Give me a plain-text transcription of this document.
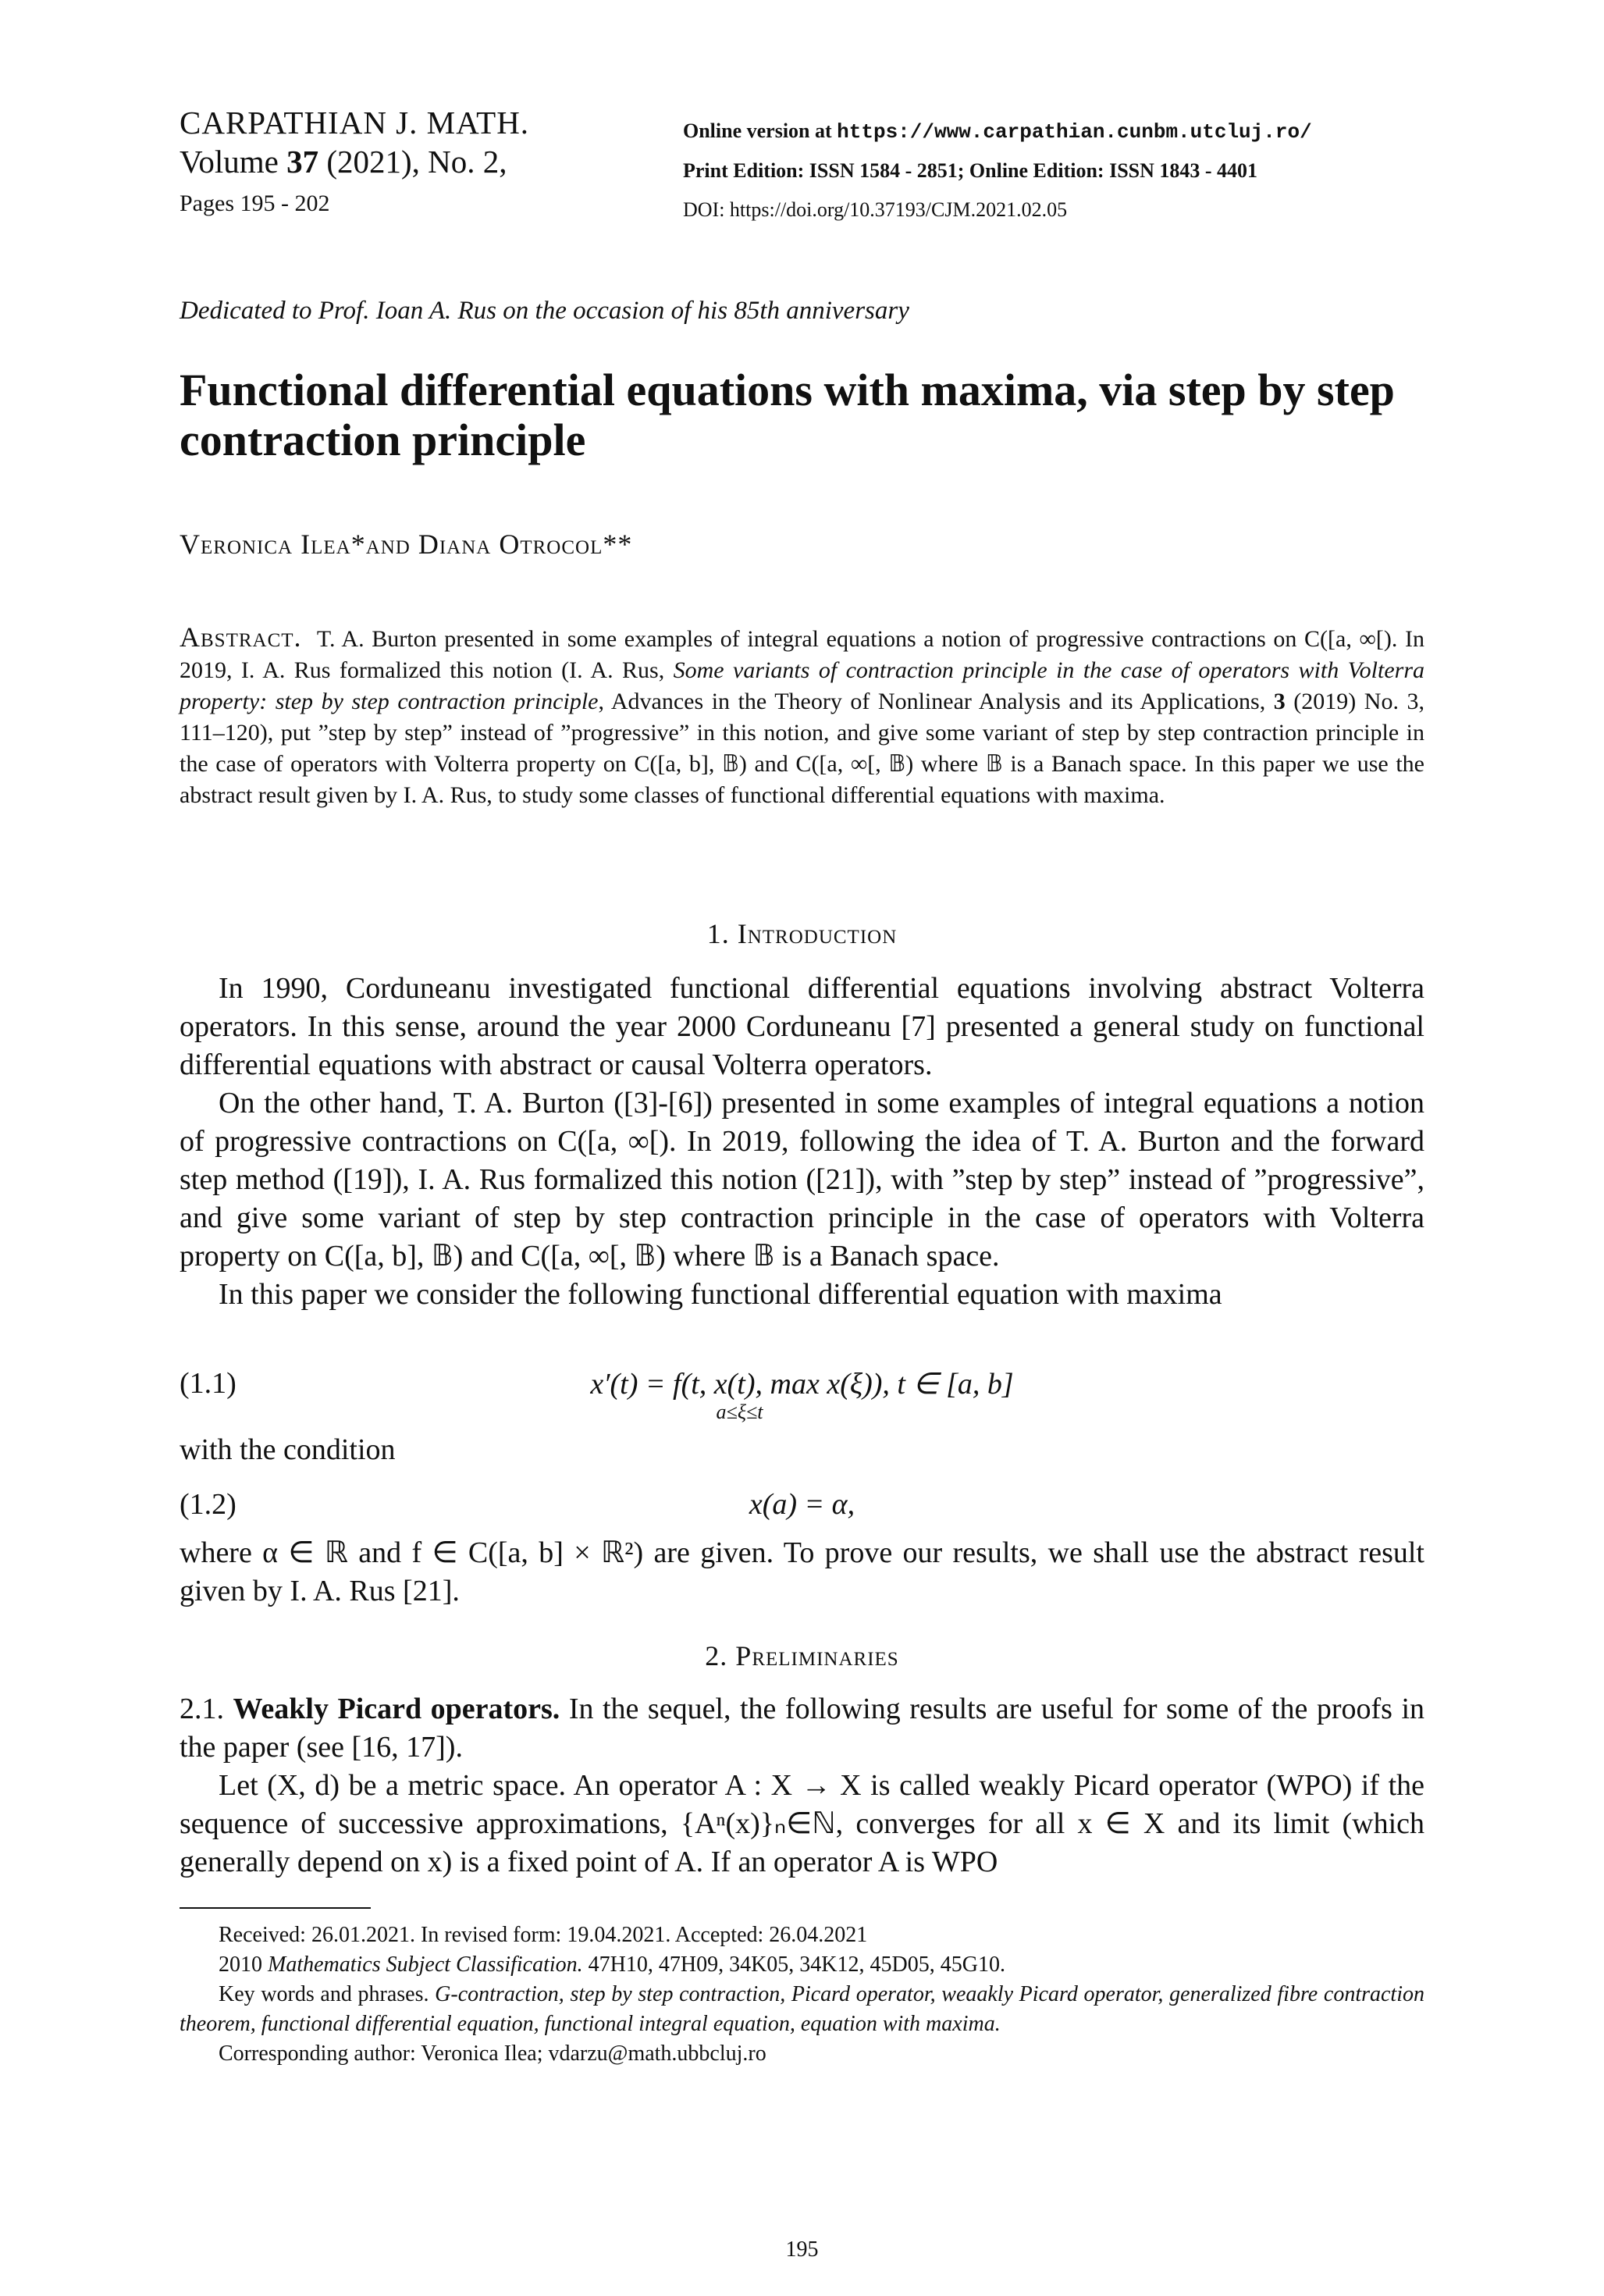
CARPATHIAN J. MATH.
Volume 37 (2021), No. 2,
Pages 195 - 202
Online version at https://www.carpathian.cunbm.utcluj.ro/
Print Edition: ISSN 1584 - 2851; Online Edition: ISSN 1843 - 4401
DOI: https://doi.org/10.37193/CJM.2021.02.05
Dedicated to Prof. Ioan A. Rus on the occasion of his 85th anniversary
Functional differential equations with maxima, via step by step contraction principle
Veronica Ilea*and Diana Otrocol**
Abstract. T. A. Burton presented in some examples of integral equations a notion of progressive contractions on C([a, ∞[). In 2019, I. A. Rus formalized this notion (I. A. Rus, Some variants of contraction principle in the case of operators with Volterra property: step by step contraction principle, Advances in the Theory of Nonlinear Analysis and its Applications, 3 (2019) No. 3, 111–120), put ”step by step” instead of ”progressive” in this notion, and give some variant of step by step contraction principle in the case of operators with Volterra property on C([a, b], 𝔹) and C([a, ∞[, 𝔹) where 𝔹 is a Banach space. In this paper we use the abstract result given by I. A. Rus, to study some classes of functional differential equations with maxima.
1. Introduction

In 1990, Corduneanu investigated functional differential equations involving abstract Volterra operators. In this sense, around the year 2000 Corduneanu [7] presented a general study on functional differential equations with abstract or causal Volterra operators.

On the other hand, T. A. Burton ([3]-[6]) presented in some examples of integral equations a notion of progressive contractions on C([a, ∞[). In 2019, following the idea of T. A. Burton and the forward step method ([19]), I. A. Rus formalized this notion ([21]), with ”step by step” instead of ”progressive”, and give some variant of step by step contraction principle in the case of operators with Volterra property on C([a, b], 𝔹) and C([a, ∞[, 𝔹) where 𝔹 is a Banach space.

In this paper we consider the following functional differential equation with maxima

(1.1)	x′(t) = f(t, x(t), max x(ξ)), t ∈ [a, b]
$^{a\le\xi\le t}$

with the condition

(1.2)	x(a) = α,

where α ∈ ℝ and f ∈ C([a, b] × ℝ²) are given. To prove our results, we shall use the abstract result given by I. A. Rus [21].

2. Preliminaries

2.1. Weakly Picard operators. In the sequel, the following results are useful for some of the proofs in the paper (see [16, 17]).

Let (X, d) be a metric space. An operator A : X → X is called weakly Picard operator (WPO) if the sequence of successive approximations, {Aⁿ(x)}ₙ∈ℕ, converges for all x ∈ X and its limit (which generally depend on x) is a fixed point of A. If an operator A is WPO

Received: 26.01.2021. In revised form: 19.04.2021. Accepted: 26.04.2021

2010 Mathematics Subject Classification. 47H10, 47H09, 34K05, 34K12, 45D05, 45G10.

Key words and phrases. G-contraction, step by step contraction, Picard operator, weaakly Picard operator, generalized fibre contraction theorem, functional differential equation, functional integral equation, equation with maxima.

Corresponding author: Veronica Ilea; vdarzu@math.ubbcluj.ro

195
